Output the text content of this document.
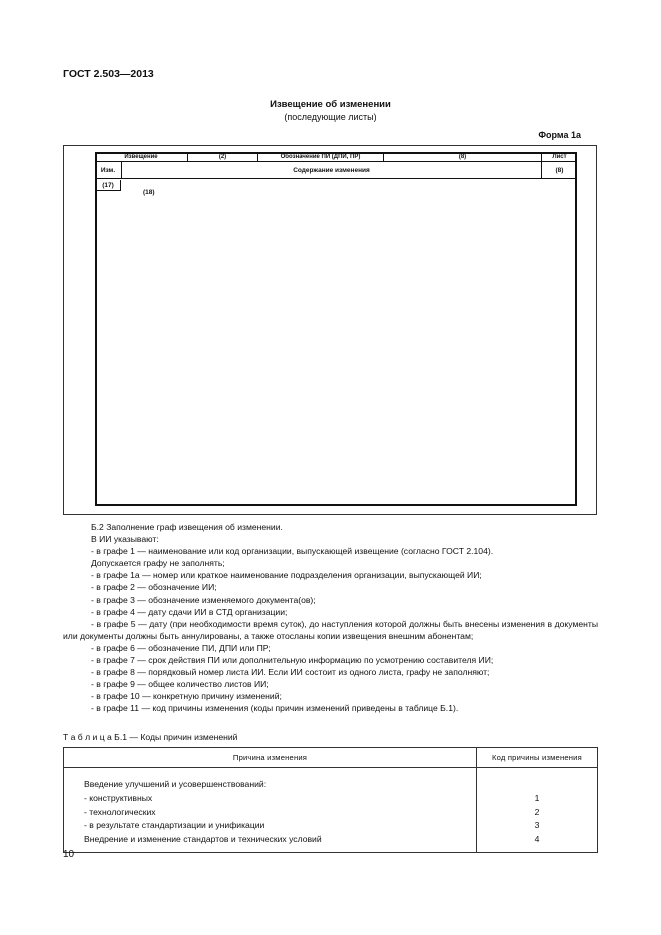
ГОСТ 2.503—2013
Извещение об изменении
(последующие листы)
Форма 1а
Извещение	(2)	Обозначение ПИ (ДПИ, ПР)	(8)	Лист
Изм.	Содержание изменения	(8)
(17)
(18)

Б.2 Заполнение граф извещения об изменении.

В ИИ указывают:

- в графе 1 — наименование или код организации, выпускающей извещение (согласно ГОСТ 2.104).

Допускается графу не заполнять;

- в графе 1а — номер или краткое наименование подразделения организации, выпускающей ИИ;

- в графе 2 — обозначение ИИ;

- в графе 3 — обозначение изменяемого документа(ов);

- в графе 4 — дату сдачи ИИ в СТД организации;

- в графе 5 — дату (при необходимости время суток), до наступления которой должны быть внесены изменения в документы или документы должны быть аннулированы, а также отосланы копии извещения внешним абонентам;

- в графе 6 — обозначение ПИ, ДПИ или ПР;

- в графе 7 — срок действия ПИ или дополнительную информацию по усмотрению составителя ИИ;

- в графе 8 — порядковый номер листа ИИ. Если ИИ состоит из одного листа, графу не заполняют;

- в графе 9 — общее количество листов ИИ;

- в графе 10 — конкретную причину изменений;

- в графе 11 — код причины изменения (коды причин изменений приведены в таблице Б.1).

Т а б л и ц а Б.1 — Коды причин изменений
Причина изменения	Код причины изменения

Введение улучшений и усовершенствований:	
- конструктивных	1
- технологических	2
- в результате стандартизации и унификации	3
Внедрение и изменение стандартов и технических условий	4
10
